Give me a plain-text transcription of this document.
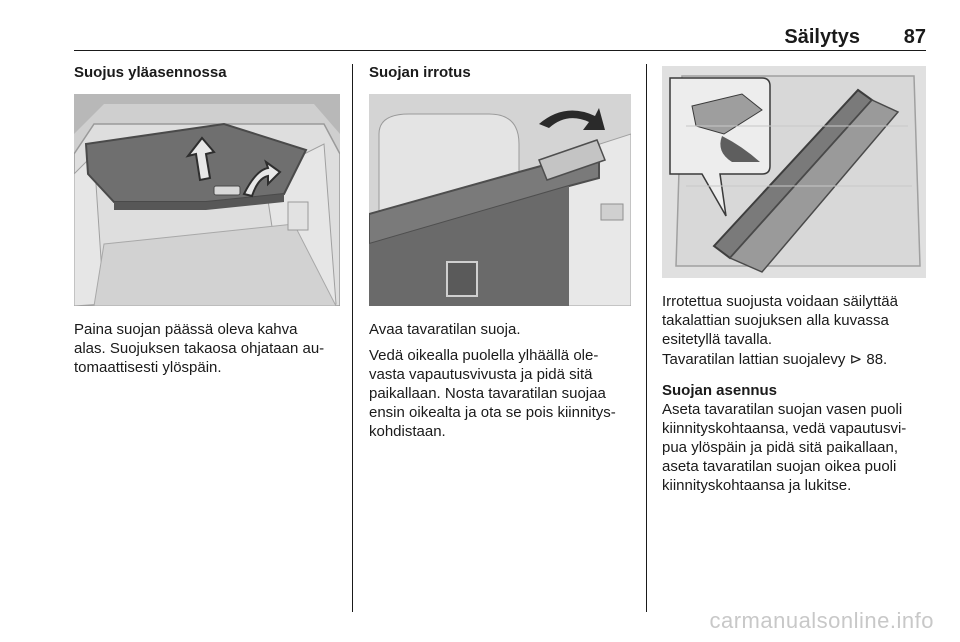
Säilytys	87
Suojus yläasennossa
Paina suojan päässä oleva kahva
alas. Suojuksen takaosa ohjataan au-
tomaattisesti ylöspäin.
Suojan irrotus
Avaa tavaratilan suoja.
Vedä oikealla puolella ylhäällä ole-
vasta vapautusvivusta ja pidä sitä
paikallaan. Nosta tavaratilan suojaa
ensin oikealta ja ota se pois kiinnitys-
kohdistaan.
Irrotettua suojusta voidaan säilyttää
takalattian suojuksen alla kuvassa
esitetyllä tavalla.
Tavaratilan lattian suojalevy ⊳ 88.
Suojan asennus
Aseta tavaratilan suojan vasen puoli
kiinnityskohtaansa, vedä vapautusvi-
pua ylöspäin ja pidä sitä paikallaan,
aseta tavaratilan suojan oikea puoli
kiinnityskohtaansa ja lukitse.
carmanualsonline.info
